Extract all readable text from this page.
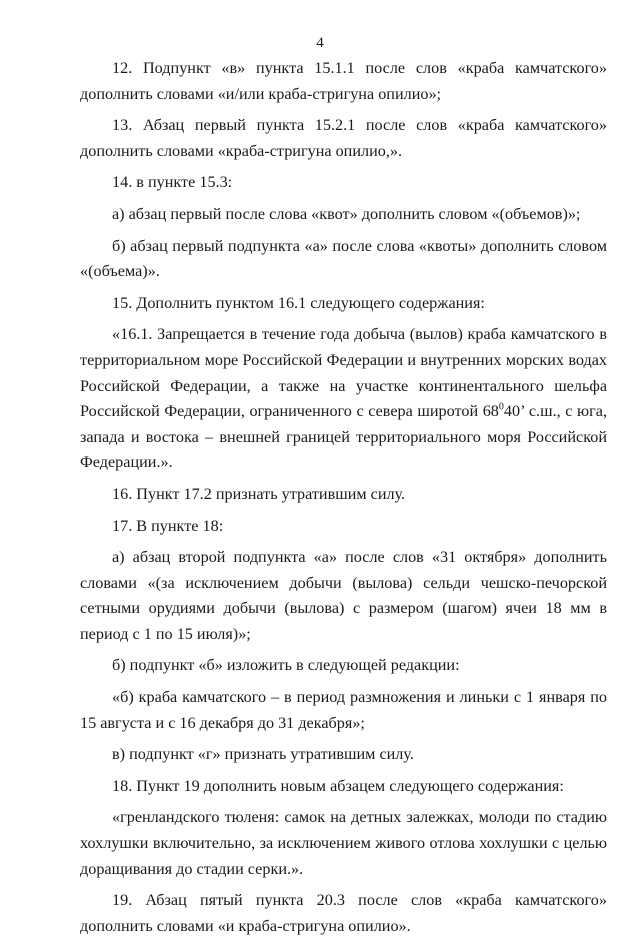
4

12. Подпункт «в» пункта 15.1.1 после слов «краба камчатского» дополнить словами «и/или краба-стригуна опилио»;

13. Абзац первый пункта 15.2.1 после слов «краба камчатского» дополнить словами «краба-стригуна опилио,».

14. в пункте 15.3:

а) абзац первый после слова «квот» дополнить словом «(объемов)»;

б) абзац первый подпункта «а» после слова «квоты» дополнить словом «(объема)».

15. Дополнить пунктом 16.1 следующего содержания:

«16.1. Запрещается в течение года добыча (вылов) краба камчатского в территориальном море Российской Федерации и внутренних морских водах Российской Федерации, а также на участке континентального шельфа Российской Федерации, ограниченного с севера широтой $68^040$’ с.ш., с юга, запада и востока – внешней границей территориального моря Российской Федерации.».

16. Пункт 17.2 признать утратившим силу.

17. В пункте 18:

а) абзац второй подпункта «а» после слов «31 октября» дополнить словами «(за исключением добычи (вылова) сельди чешско-печорской сетными орудиями добычи (вылова) с размером (шагом) ячеи 18 мм в период с 1 по 15 июля)»;

б) подпункт «б» изложить в следующей редакции:

«б) краба камчатского – в период размножения и линьки с 1 января по 15 августа и с 16 декабря до 31 декабря»;

в) подпункт «г» признать утратившим силу.

18. Пункт 19 дополнить новым абзацем следующего содержания:

«гренландского тюленя: самок на детных залежках, молоди по стадию хохлушки включительно, за исключением живого отлова хохлушки с целью доращивания до стадии серки.».

19. Абзац пятый пункта 20.3 после слов «краба камчатского» дополнить словами «и краба-стригуна опилио».
